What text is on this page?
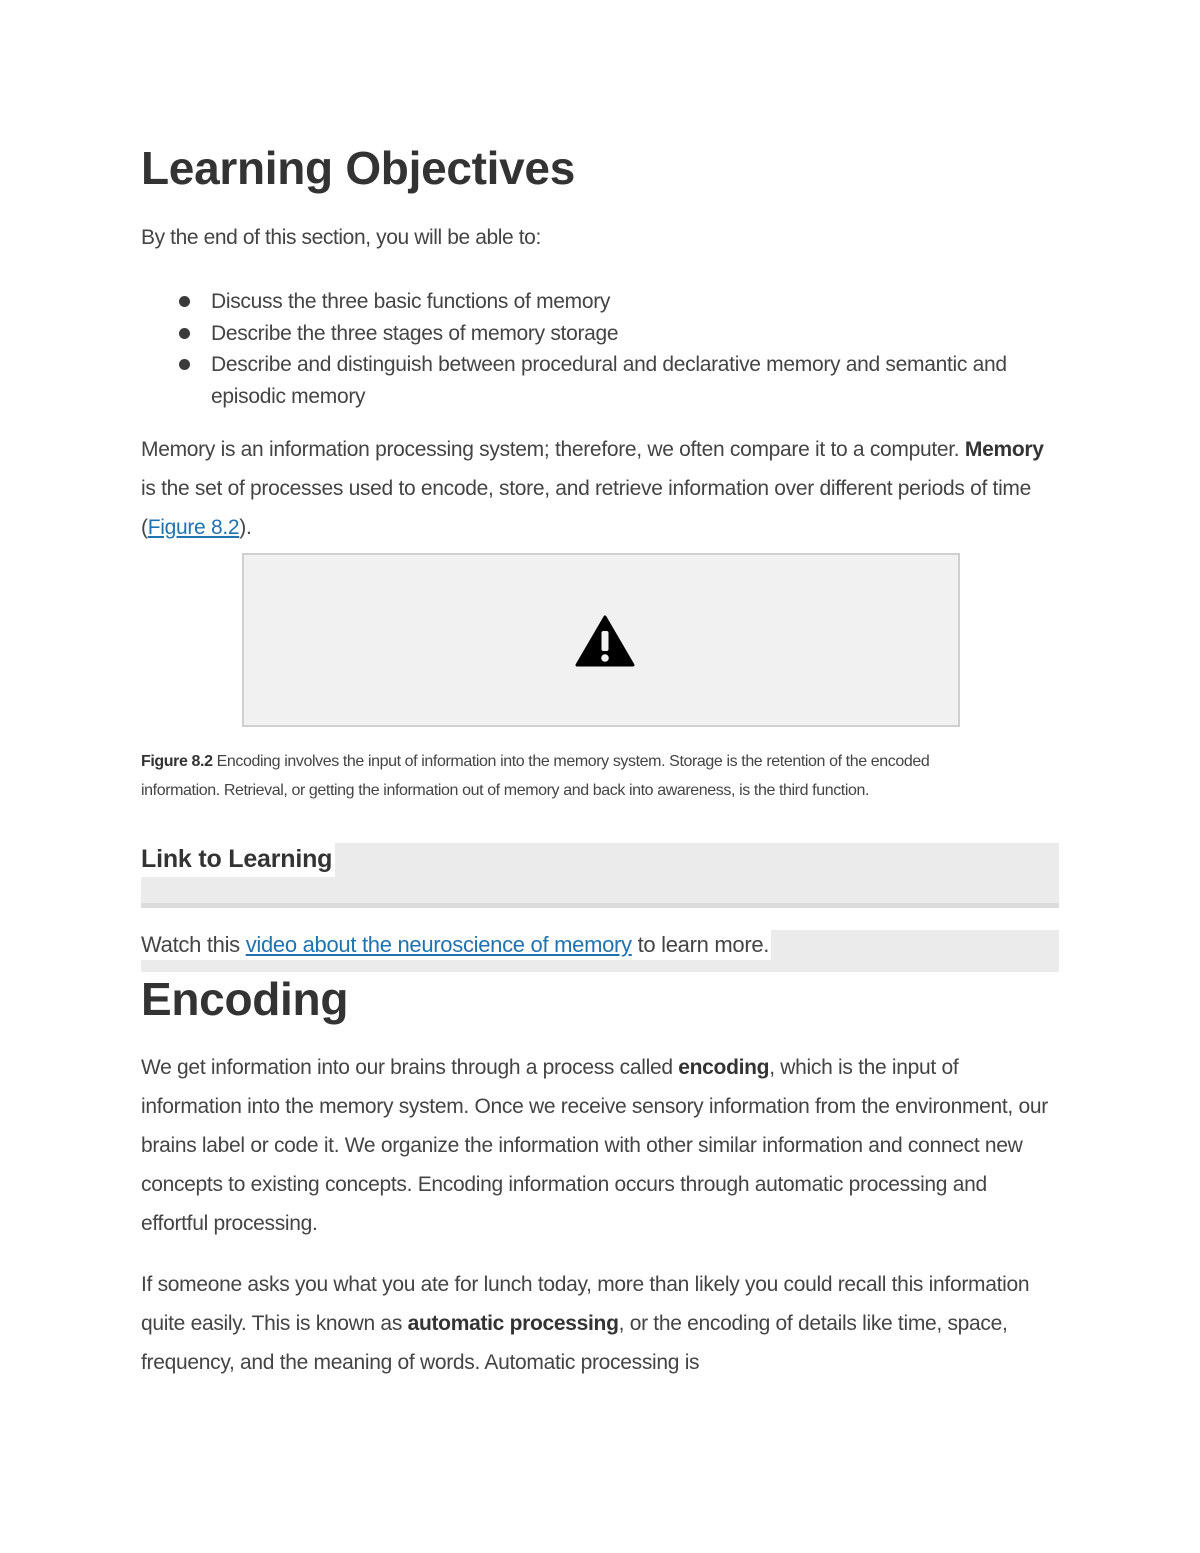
Learning Objectives
By the end of this section, you will be able to:
Discuss the three basic functions of memory
Describe the three stages of memory storage
Describe and distinguish between procedural and declarative memory and semantic and episodic memory

Memory is an information processing system; therefore, we often compare it to a computer. Memory is the set of processes used to encode, store, and retrieve information over different periods of time (Figure 8.2).

Figure 8.2 Encoding involves the input of information into the memory system. Storage is the retention of the encoded information. Retrieval, or getting the information out of memory and back into awareness, is the third function.

Link to Learning
Watch this video about the neuroscience of memory to learn more.
Encoding

We get information into our brains through a process called encoding, which is the input of information into the memory system. Once we receive sensory information from the environment, our brains label or code it. We organize the information with other similar information and connect new concepts to existing concepts. Encoding information occurs through automatic processing and effortful processing.

If someone asks you what you ate for lunch today, more than likely you could recall this information quite easily. This is known as automatic processing, or the encoding of details like time, space, frequency, and the meaning of words. Automatic processing is
